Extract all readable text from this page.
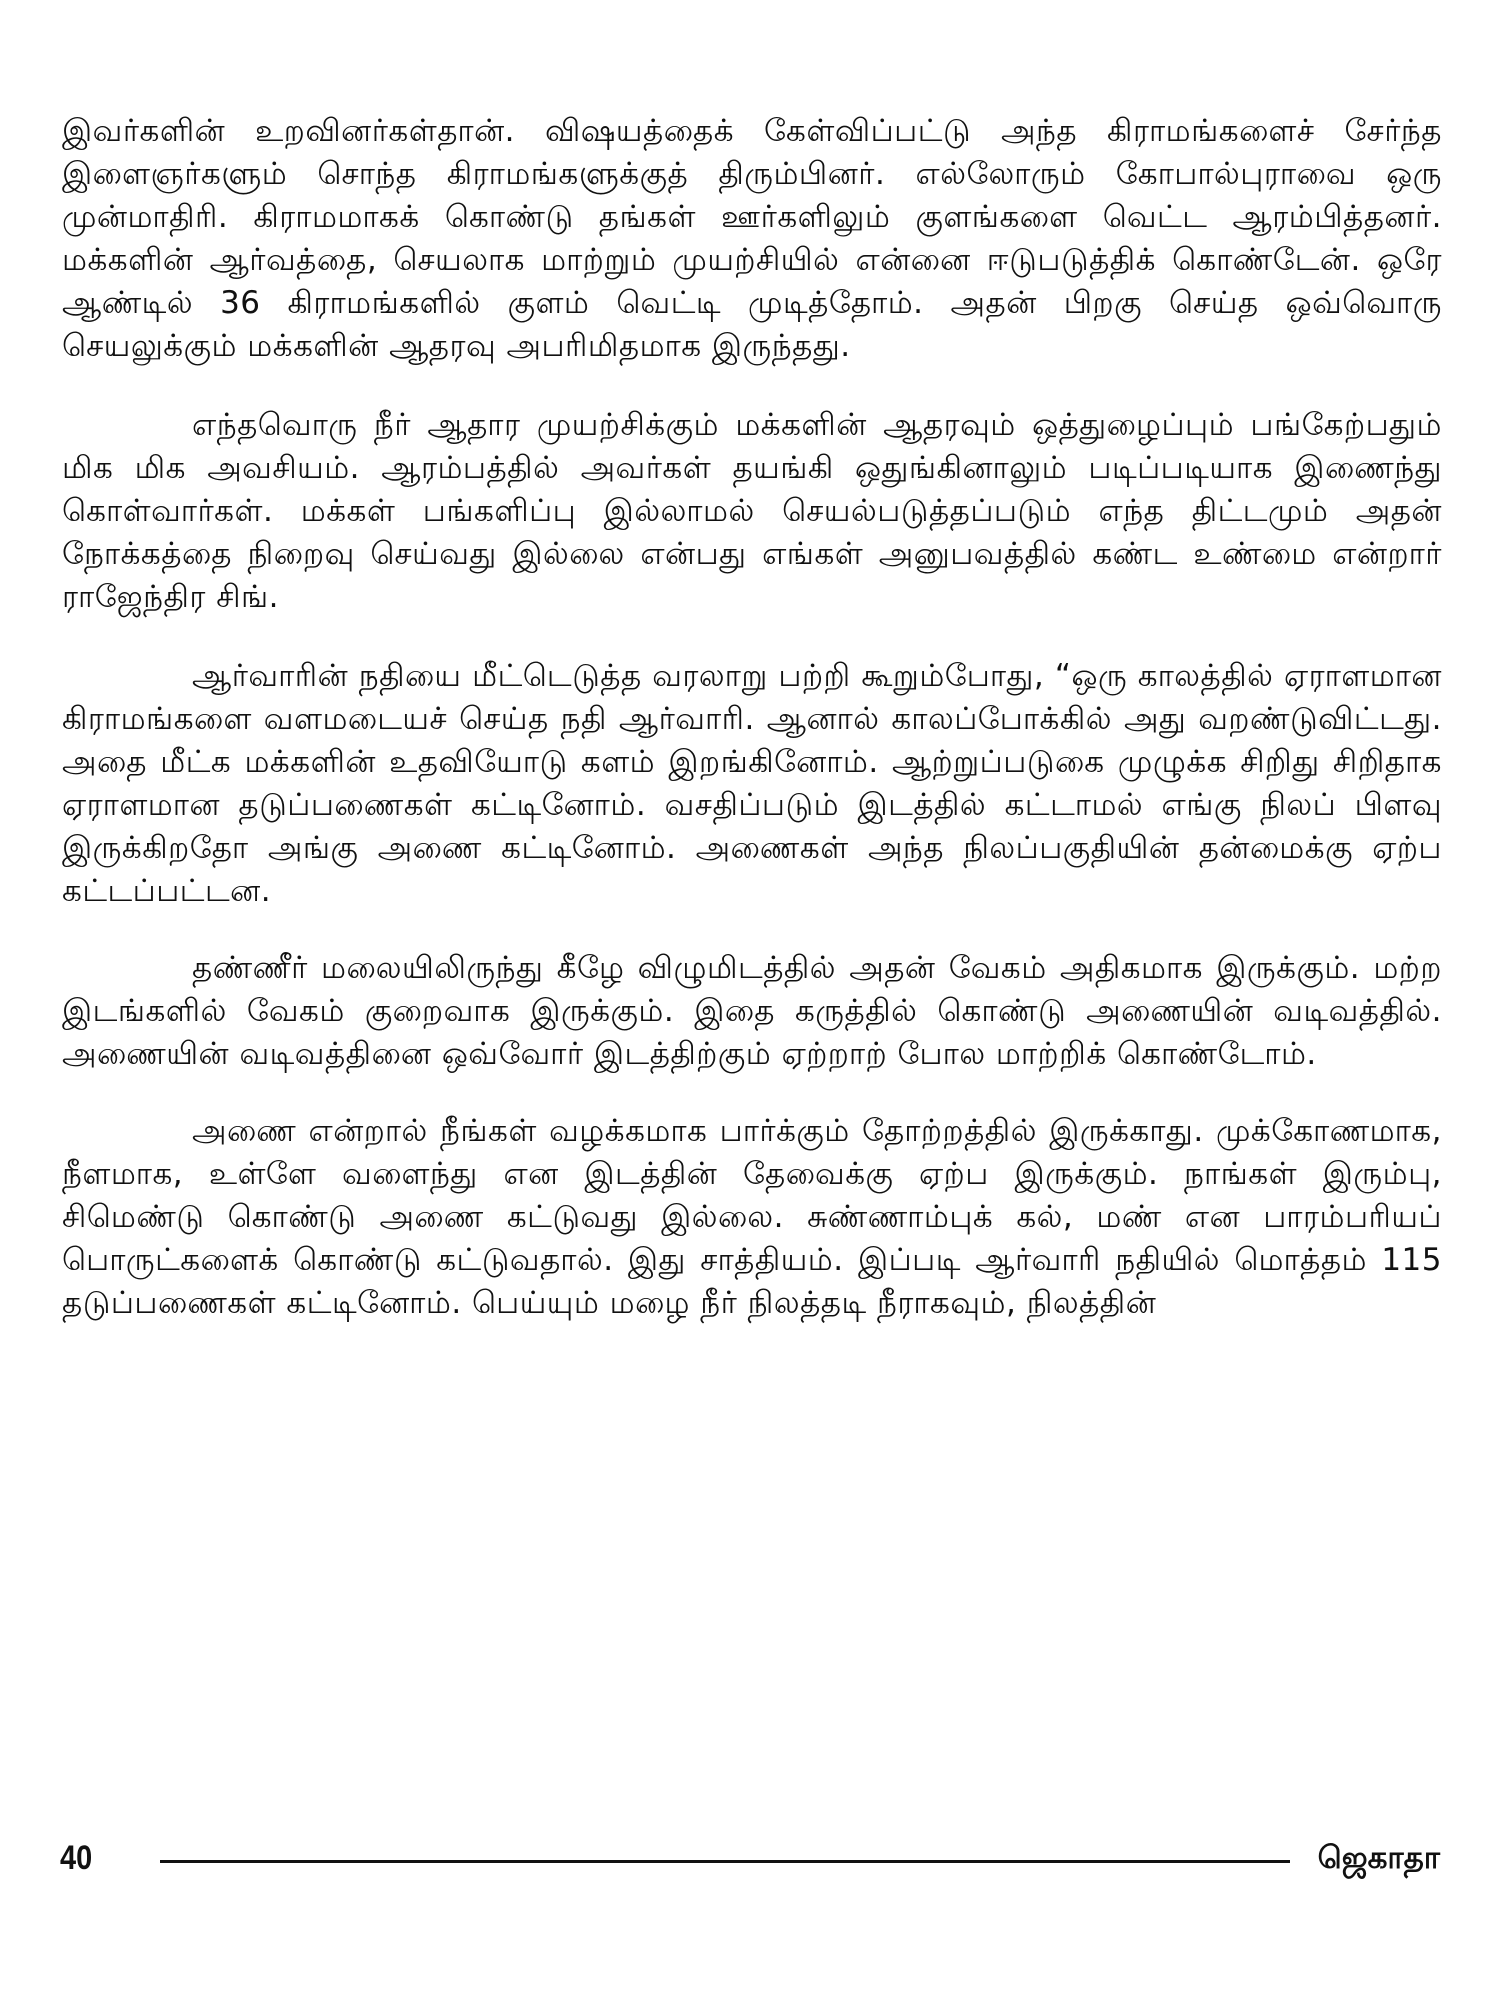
இவர்களின் உறவினர்கள்தான். விஷயத்தைக் கேள்விப்பட்டு அந்த கிராமங்களைச் சேர்ந்த இளைஞர்களும் சொந்த கிராமங்களுக்குத் திரும்பினர். எல்லோரும் கோபால்புராவை ஒரு முன்மாதிரி. கிராமமாகக் கொண்டு தங்கள் ஊர்களிலும் குளங்களை வெட்ட ஆரம்பித்தனர். மக்களின் ஆர்வத்தை, செயலாக மாற்றும் முயற்சியில் என்னை ஈடுபடுத்திக் கொண்டேன். ஒரே ஆண்டில் 36 கிராமங்களில் குளம் வெட்டி முடித்தோம். அதன் பிறகு செய்த ஒவ்வொரு செயலுக்கும் மக்களின் ஆதரவு அபரிமிதமாக இருந்தது.

எந்தவொரு நீர் ஆதார முயற்சிக்கும் மக்களின் ஆதரவும் ஒத்துழைப்பும் பங்கேற்பதும் மிக மிக அவசியம். ஆரம்பத்தில் அவர்கள் தயங்கி ஒதுங்கினாலும் படிப்படியாக இணைந்து கொள்வார்கள். மக்கள் பங்களிப்பு இல்லாமல் செயல்படுத்தப்படும் எந்த திட்டமும் அதன் நோக்கத்தை நிறைவு செய்வது இல்லை என்பது எங்கள் அனுபவத்தில் கண்ட உண்மை என்றார் ராஜேந்திர சிங்.

ஆர்வாரின் நதியை மீட்டெடுத்த வரலாறு பற்றி கூறும்போது, “ஒரு காலத்தில் ஏராளமான கிராமங்களை வளமடையச் செய்த நதி ஆர்வாரி. ஆனால் காலப்போக்கில் அது வறண்டுவிட்டது. அதை மீட்க மக்களின் உதவியோடு களம் இறங்கினோம். ஆற்றுப்படுகை முழுக்க சிறிது சிறிதாக ஏராளமான தடுப்பணைகள் கட்டினோம். வசதிப்படும் இடத்தில் கட்டாமல் எங்கு நிலப் பிளவு இருக்கிறதோ அங்கு அணை கட்டினோம். அணைகள் அந்த நிலப்பகுதியின் தன்மைக்கு ஏற்ப கட்டப்பட்டன.

தண்ணீர் மலையிலிருந்து கீழே விழுமிடத்தில் அதன் வேகம் அதிகமாக இருக்கும். மற்ற இடங்களில் வேகம் குறைவாக இருக்கும். இதை கருத்தில் கொண்டு அணையின் வடிவத்தில். அணையின் வடிவத்தினை ஒவ்வோர் இடத்திற்கும் ஏற்றாற் போல மாற்றிக் கொண்டோம்.

அணை என்றால் நீங்கள் வழக்கமாக பார்க்கும் தோற்றத்தில் இருக்காது. முக்கோணமாக, நீளமாக, உள்ளே வளைந்து என இடத்தின் தேவைக்கு ஏற்ப இருக்கும். நாங்கள் இரும்பு, சிமெண்டு கொண்டு அணை கட்டுவது இல்லை. சுண்ணாம்புக் கல், மண் என பாரம்பரியப் பொருட்களைக் கொண்டு கட்டுவதால். இது சாத்தியம். இப்படி ஆர்வாரி நதியில் மொத்தம் 115 தடுப்பணைகள் கட்டினோம். பெய்யும் மழை நீர் நிலத்தடி நீராகவும், நிலத்தின்

40	ஜெகாதா
